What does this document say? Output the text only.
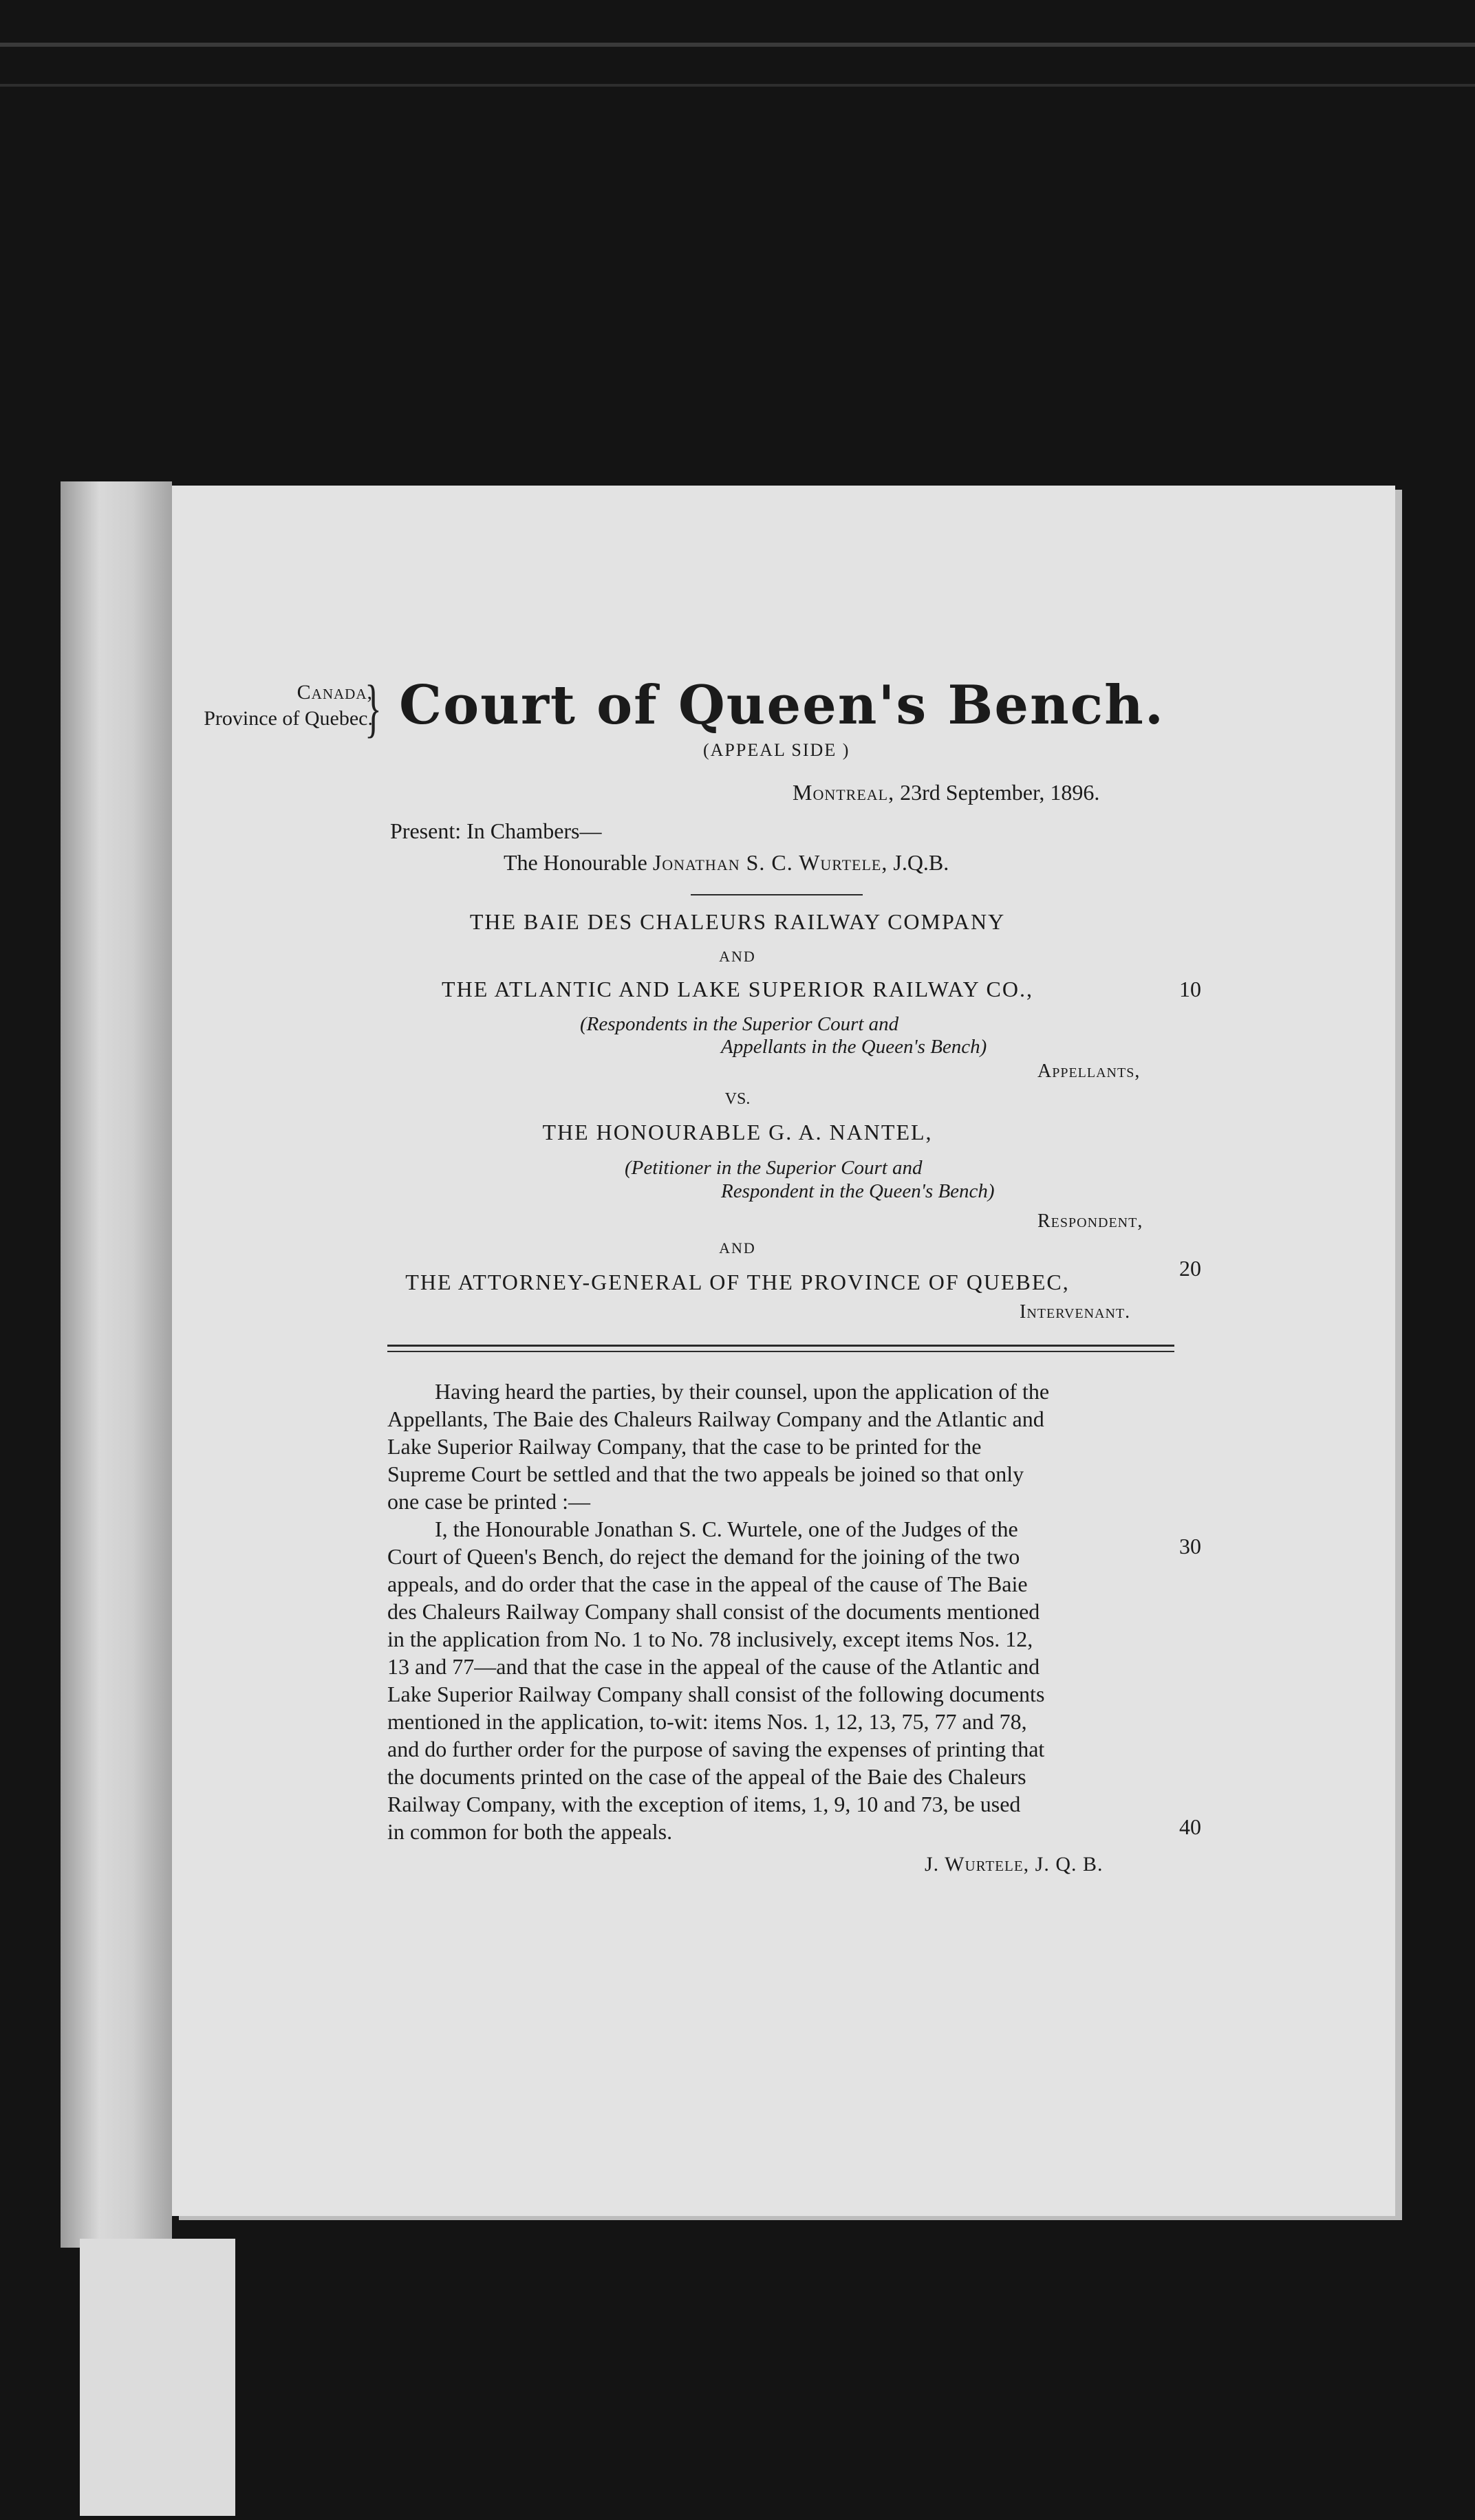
Canada,
Province of Quebec.
} Court of Queen's Bench.
(APPEAL SIDE )
Montreal, 23rd September, 1896.
Present: In Chambers—
The Honourable Jonathan S. C. Wurtele, J.Q.B.
THE BAIE DES CHALEURS RAILWAY COMPANY
AND
THE ATLANTIC AND LAKE SUPERIOR RAILWAY CO.,
(Respondents in the Superior Court and
Appellants in the Queen's Bench)
Appellants,
VS.
THE HONOURABLE G. A. NANTEL,
(Petitioner in the Superior Court and
Respondent in the Queen's Bench)
Respondent,
AND
THE ATTORNEY-GENERAL OF THE PROVINCE OF QUEBEC,
Intervenant.
10
20
30
40
Having heard the parties, by their counsel, upon the application of the
Appellants, The Baie des Chaleurs Railway Company and the Atlantic and
Lake Superior Railway Company, that the case to be printed for the
Supreme Court be settled and that the two appeals be joined so that only
one case be printed :—
I, the Honourable Jonathan S. C. Wurtele, one of the Judges of the
Court of Queen's Bench, do reject the demand for the joining of the two
appeals, and do order that the case in the appeal of the cause of The Baie
des Chaleurs Railway Company shall consist of the documents mentioned
in the application from No. 1 to No. 78 inclusively, except items Nos. 12,
13 and 77—and that the case in the appeal of the cause of the Atlantic and
Lake Superior Railway Company shall consist of the following documents
mentioned in the application, to-wit: items Nos. 1, 12, 13, 75, 77 and 78,
and do further order for the purpose of saving the expenses of printing that
the documents printed on the case of the appeal of the Baie des Chaleurs
Railway Company, with the exception of items, 1, 9, 10 and 73, be used
in common for both the appeals.
J. Wurtele, J. Q. B.
